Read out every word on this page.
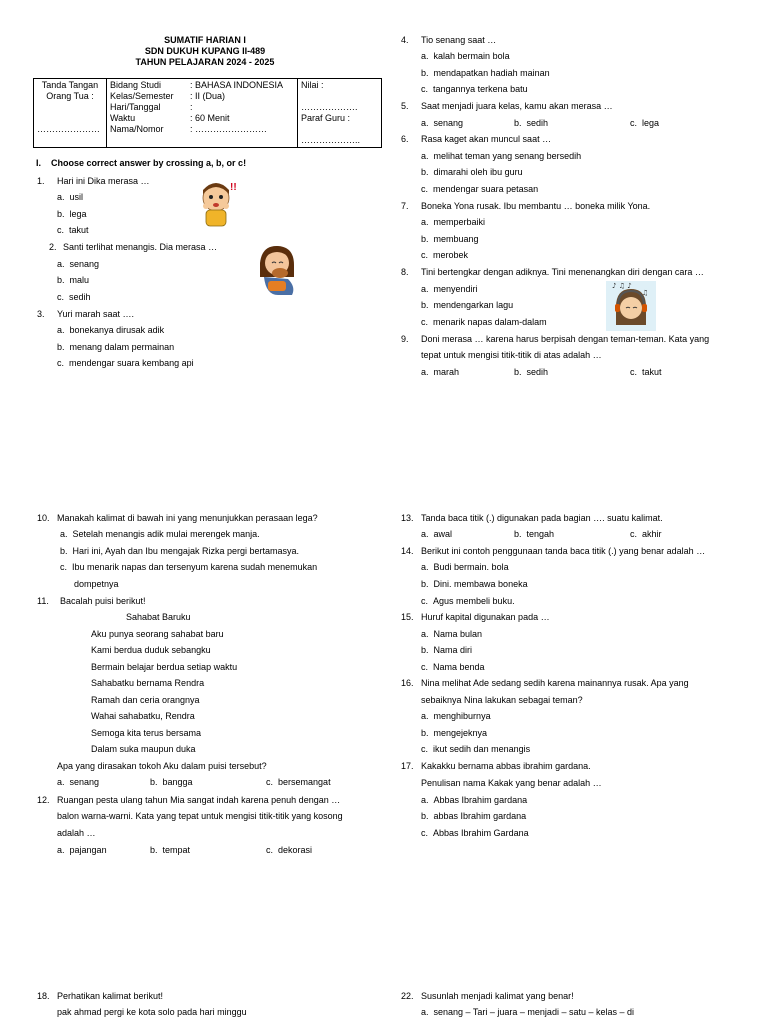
SUMATIF HARIAN I
SDN DUKUH KUPANG II-489
TAHUN PELAJARAN 2024 - 2025
Tanda Tangan
Orang Tua :
…………………

Bidang Studi	: BAHASA INDONESIA
Kelas/Semester	: II (Dua)
Hari/Tanggal	:
Waktu	: 60 Menit
Nama/Nomor	: ……………………

Nilai :
……………….
Paraf Guru :
………………..
I. Choose correct answer by crossing a, b, or c!
1. Hari ini Dika merasa …
a. usil
b. lega
c. takut
!!
2. Santi terlihat menangis. Dia merasa …
a. senang
b. malu
c. sedih
3. Yuri marah saat ….
a. bonekanya dirusak adik
b. menang dalam permainan
c. mendengar suara kembang api
4. Tio senang saat …
a. kalah bermain bola
b. mendapatkan hadiah mainan
c. tangannya terkena batu
5. Saat menjadi juara kelas, kamu akan merasa …
a. senang	b. sedih	c. lega
6. Rasa kaget akan muncul saat …
a. melihat teman yang senang bersedih
b. dimarahi oleh ibu guru
c. mendengar suara petasan
7. Boneka Yona rusak. Ibu membantu … boneka milik Yona.
a. memperbaiki
b. membuang
c. merobek
8. Tini bertengkar dengan adiknya. Tini menenangkan diri dengan cara …
a. menyendiri
b. mendengarkan lagu
c. menarik napas dalam-dalam
♪ ♫ ♪
♫
9. Doni merasa … karena harus berpisah dengan teman-teman. Kata yang
tepat untuk mengisi titik-titik di atas adalah …
a. marah	b. sedih	c. takut
10. Manakah kalimat di bawah ini yang menunjukkan perasaan lega?
a. Setelah menangis adik mulai merengek manja.
b. Hari ini, Ayah dan Ibu mengajak Rizka pergi bertamasya.
c. Ibu menarik napas dan tersenyum karena sudah menemukan
dompetnya
11. Bacalah puisi berikut!
Sahabat Baruku
Aku punya seorang sahabat baru
Kami berdua duduk sebangku
Bermain belajar berdua setiap waktu
Sahabatku bernama Rendra
Ramah dan ceria orangnya
Wahai sahabatku, Rendra
Semoga kita terus bersama
Dalam suka maupun duka
Apa yang dirasakan tokoh Aku dalam puisi tersebut?
a. senang	b. bangga	c. bersemangat
12. Ruangan pesta ulang tahun Mia sangat indah karena penuh dengan …
balon warna-warni. Kata yang tepat untuk mengisi titik-titik yang kosong
adalah …
a. pajangan	b. tempat	c. dekorasi
13. Tanda baca titik (.) digunakan pada bagian …. suatu kalimat.
a. awal	b. tengah	c. akhir
14. Berikut ini contoh penggunaan tanda baca titik (.) yang benar adalah …
a. Budi bermain. bola
b. Dini. membawa boneka
c. Agus membeli buku.
15. Huruf kapital digunakan pada …
a. Nama bulan
b. Nama diri
c. Nama benda
16. Nina melihat Ade sedang sedih karena mainannya rusak. Apa yang
sebaiknya Nina lakukan sebagai teman?
a. menghiburnya
b. mengejeknya
c. ikut sedih dan menangis
17. Kakakku bernama abbas ibrahim gardana.
Penulisan nama Kakak yang benar adalah …
a. Abbas Ibrahim gardana
b. abbas Ibrahim gardana
c. Abbas Ibrahim Gardana
18. Perhatikan kalimat berikut!
pak ahmad pergi ke kota solo pada hari minggu
22. Susunlah menjadi kalimat yang benar!
a. senang – Tari – juara – menjadi – satu – kelas – di
